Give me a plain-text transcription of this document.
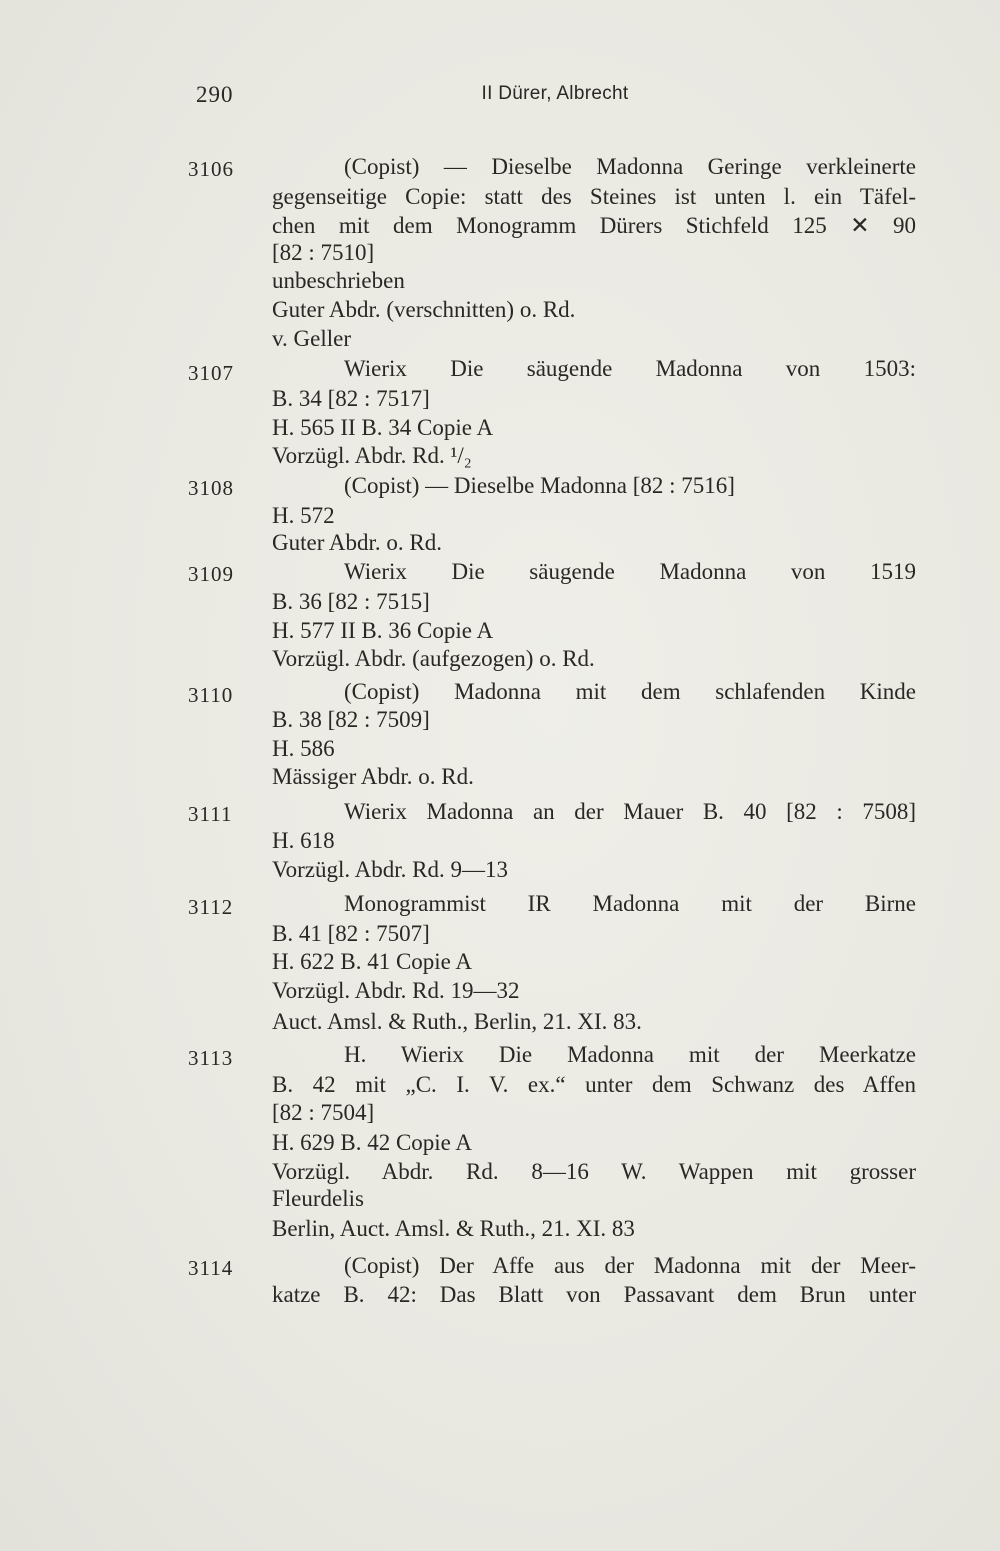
290	II Dürer, Albrecht
3106	(Copist) — Dieselbe Madonna Geringe verkleinerte
gegenseitige Copie: statt des Steines ist unten l. ein Täfel-
chen mit dem Monogramm Dürers Stichfeld 125 ✕ 90
[82 : 7510]
unbeschrieben
Guter Abdr. (verschnitten) o. Rd.
v. Geller
3107	Wierix Die säugende Madonna von 1503:
B. 34 [82 : 7517]
H. 565 II B. 34 Copie A
Vorzügl. Abdr. Rd. ¹/₂
3108	(Copist) — Dieselbe Madonna [82 : 7516]
H. 572
Guter Abdr. o. Rd.
3109	Wierix Die säugende Madonna von 1519
B. 36 [82 : 7515]
H. 577 II B. 36 Copie A
Vorzügl. Abdr. (aufgezogen) o. Rd.
3110	(Copist) Madonna mit dem schlafenden Kinde
B. 38 [82 : 7509]
H. 586
Mässiger Abdr. o. Rd.
3111	Wierix Madonna an der Mauer B. 40 [82 : 7508]
H. 618
Vorzügl. Abdr. Rd. 9—13
3112	Monogrammist IR Madonna mit der Birne
B. 41 [82 : 7507]
H. 622 B. 41 Copie A
Vorzügl. Abdr. Rd. 19—32
Auct. Amsl. & Ruth., Berlin, 21. XI. 83.
3113	H. Wierix Die Madonna mit der Meerkatze
B. 42 mit „C. I. V. ex.“ unter dem Schwanz des Affen
[82 : 7504]
H. 629 B. 42 Copie A
Vorzügl. Abdr. Rd. 8—16 W. Wappen mit grosser
Fleurdelis
Berlin, Auct. Amsl. & Ruth., 21. XI. 83
3114	(Copist) Der Affe aus der Madonna mit der Meer-
katze B. 42: Das Blatt von Passavant dem Brun unter
